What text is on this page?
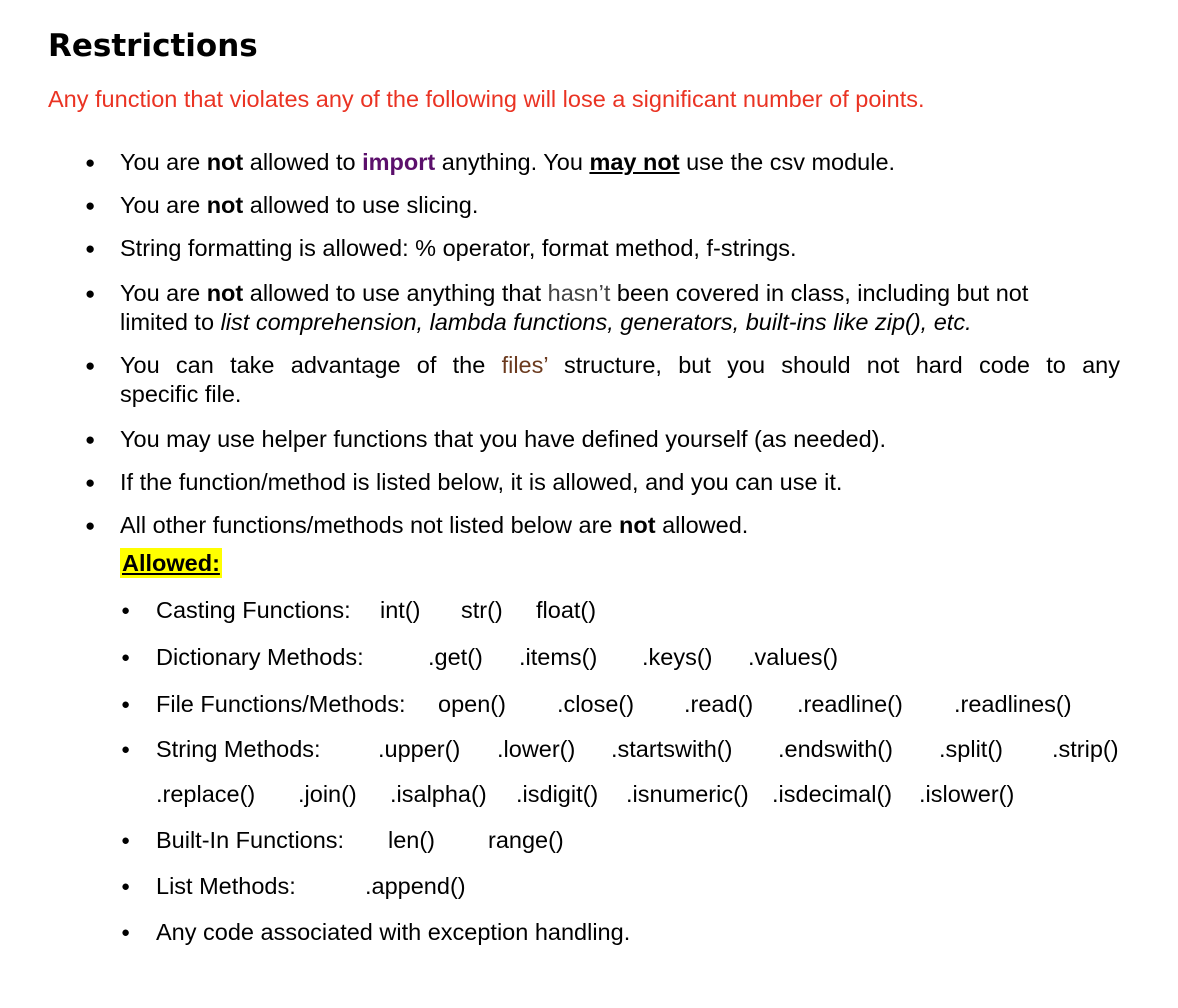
Restrictions

Any function that violates any of the following will lose a significant number of points.

● You are not allowed to import anything. You may not use the csv module.
● You are not allowed to use slicing.
● String formatting is allowed: % operator, format method, f-strings.
● You are not allowed to use anything that hasn’t been covered in class, including but not
limited to list comprehension, lambda functions, generators, built-ins like zip(), etc.
● You can take advantage of the files’ structure, but you should not hard code to any
specific file.
● You may use helper functions that you have defined yourself (as needed).
● If the function/method is listed below, it is allowed, and you can use it.
● All other functions/methods not listed below are not allowed.
Allowed:
● Casting Functions: int() str() float()
● Dictionary Methods:	.get() .items() .keys() .values()
● File Functions/Methods: open() .close() .read() .readline() .readlines()
● String Methods: .upper() .lower() .startswith() .endswith() .split() .strip()
.replace() .join() .isalpha() .isdigit() .isnumeric() .isdecimal() .islower()
● Built-In Functions: len() range()
● List Methods:	.append()
● Any code associated with exception handling.
